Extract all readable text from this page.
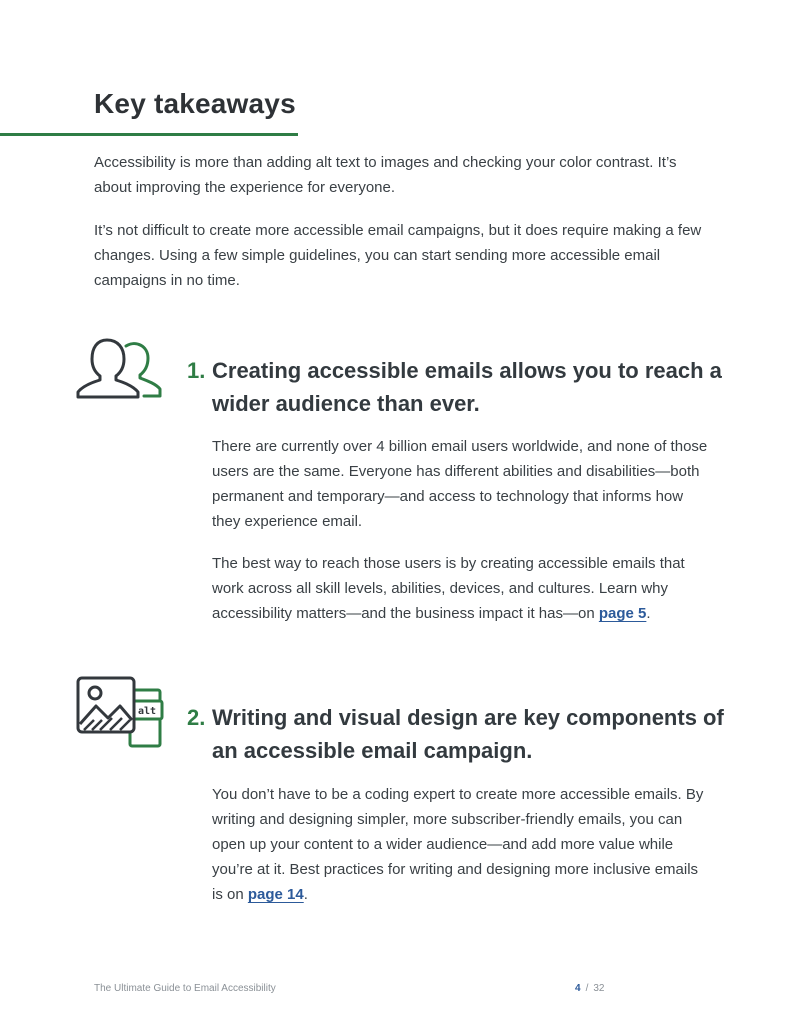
Key takeaways

Accessibility is more than adding alt text to images and checking your color contrast. It’s about improving the experience for everyone.

It’s not difficult to create more accessible email campaigns, but it does require making a few changes. Using a few simple guidelines, you can start sending more accessible email campaigns in no time.

1. Creating accessible emails allows you to reach a wider audience than ever.

There are currently over 4 billion email users worldwide, and none of those users are the same. Everyone has different abilities and disabilities—both permanent and temporary—and access to technology that informs how they experience email.

The best way to reach those users is by creating accessible emails that work across all skill levels, abilities, devices, and cultures. Learn why accessibility matters—and the business impact it has—on page 5.

alt 2. Writing and visual design are key components of an accessible email campaign.

You don’t have to be a coding expert to create more accessible emails. By writing and designing simpler, more subscriber-friendly emails, you can open up your content to a wider audience—and add more value while you’re at it. Best practices for writing and designing more inclusive emails is on page 14.

The Ultimate Guide to Email Accessibility	4 / 32
